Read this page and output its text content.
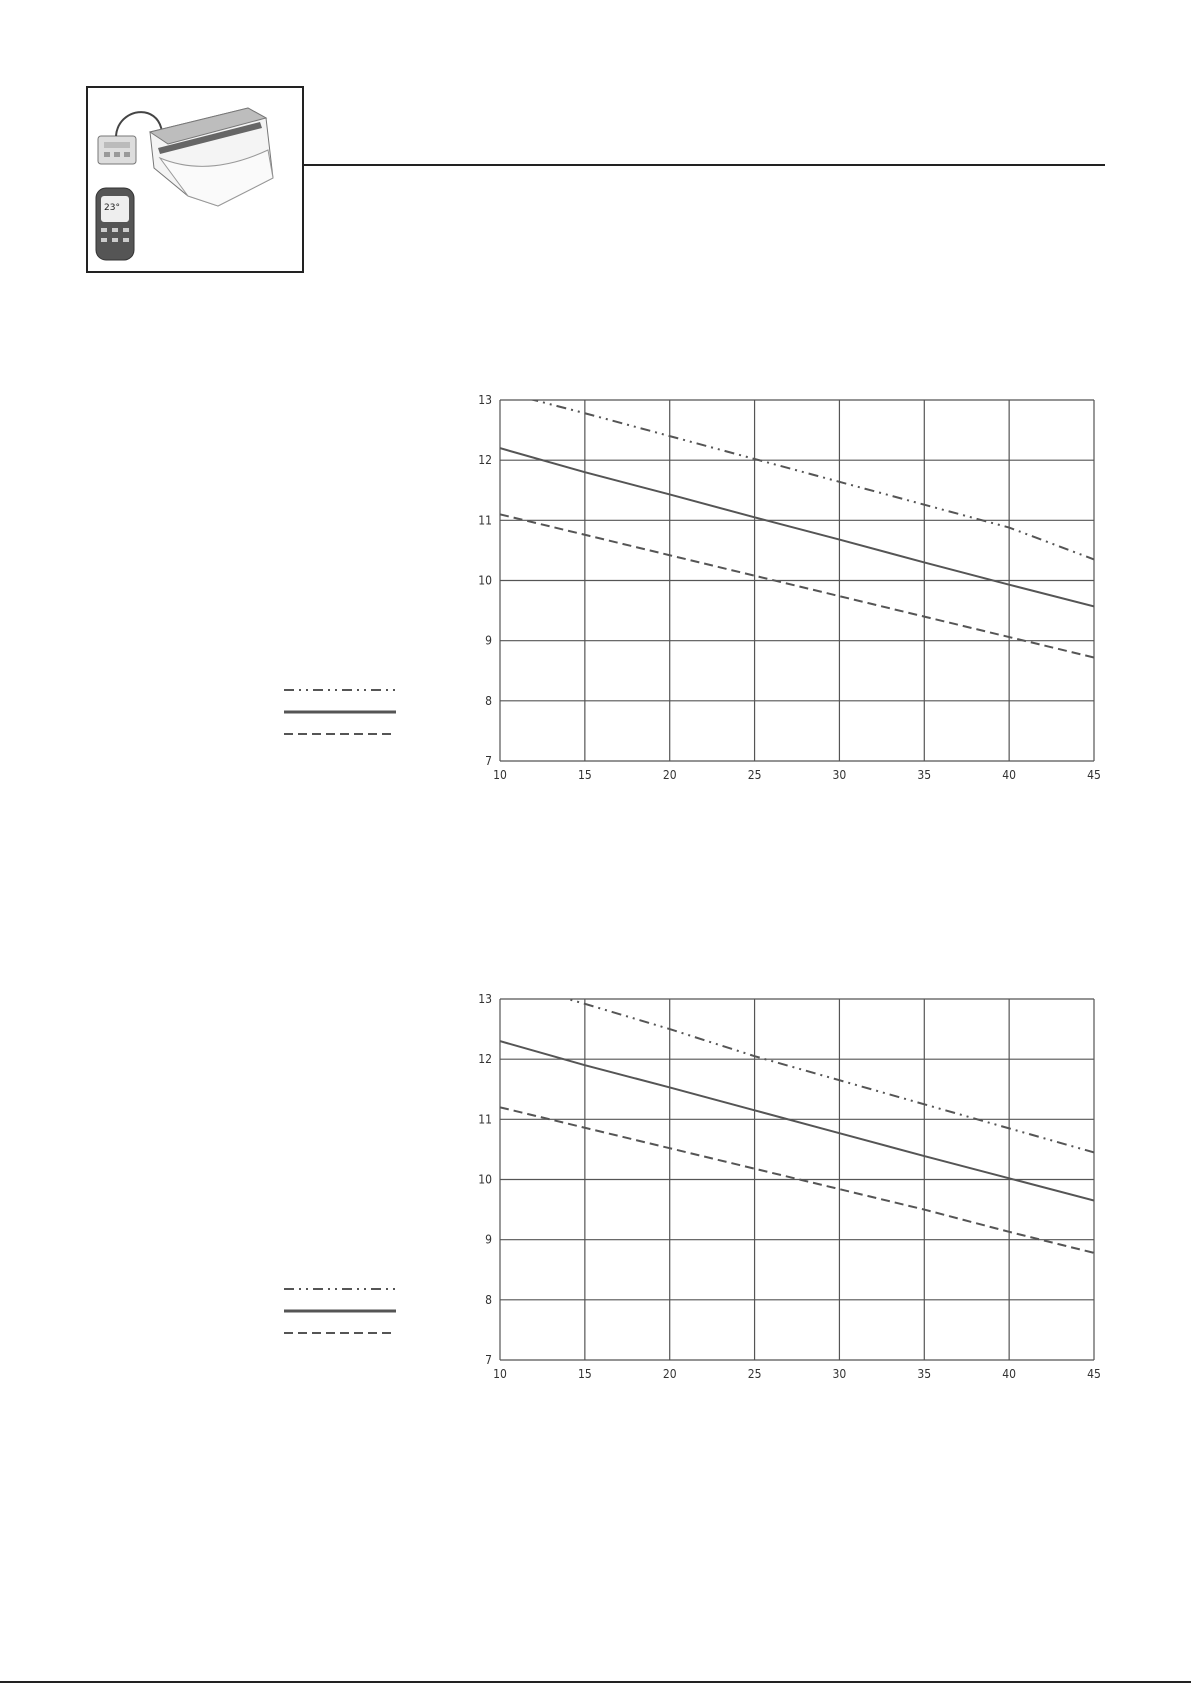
23°
10	15	20	25	30	35	40	45
7
8
9
10
11
12
13
10	15	20	25	30	35	40	45
7
8
9
10
11
12
13
